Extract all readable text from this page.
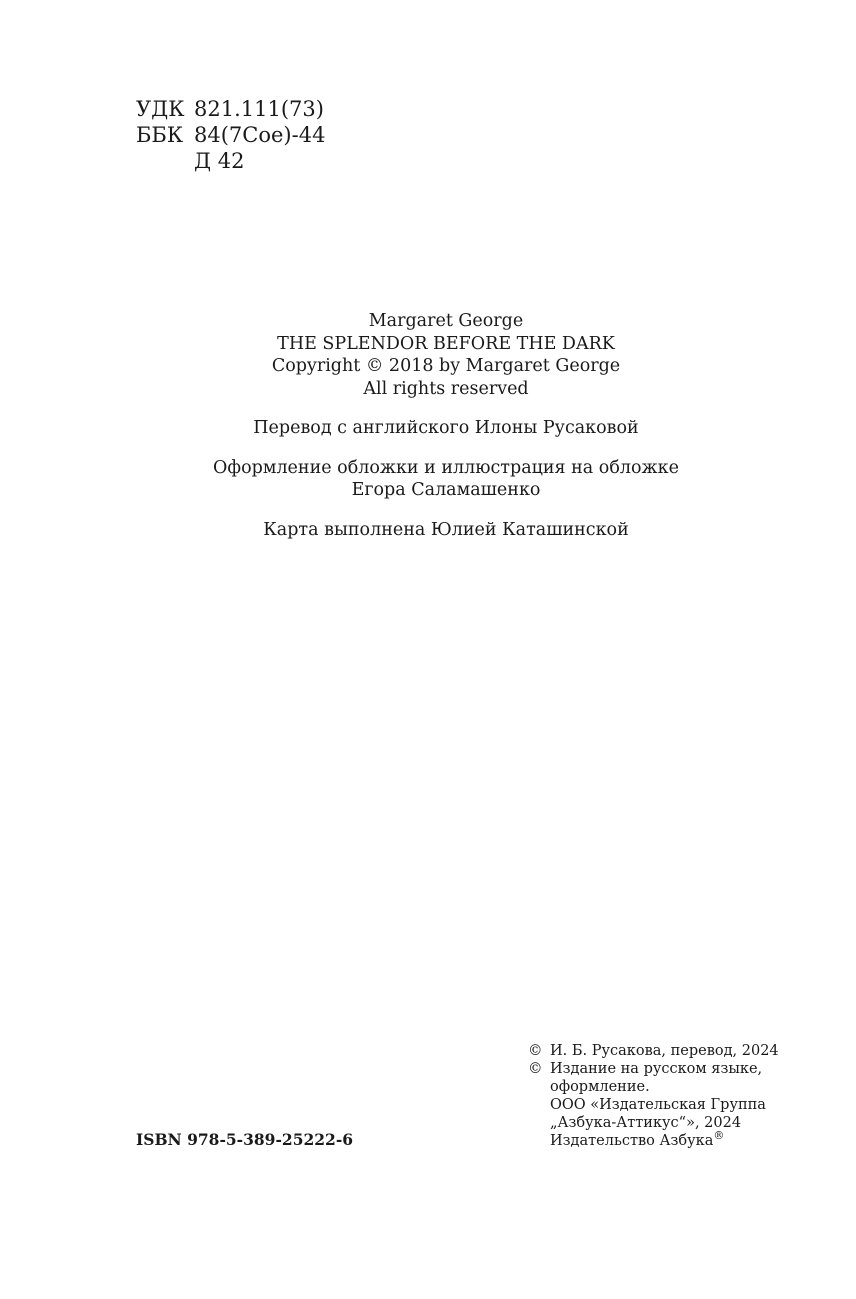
УДК 821.111(73)
ББК 84(7Сое)-44
Д 42
Margaret George
THE SPLENDOR BEFORE THE DARK
Copyright © 2018 by Margaret George
All rights reserved
Перевод с английского Илоны Русаковой
Оформление обложки и иллюстрация на обложке
Егора Саламашенко
Карта выполнена Юлией Каташинской
ISBN 978-5-389-25222-6
© И. Б. Русакова, перевод, 2024
© Издание на русском языке,
оформление.
ООО «Издательская Группа
„Азбука-Аттикус“», 2024
Издательство Азбука®
